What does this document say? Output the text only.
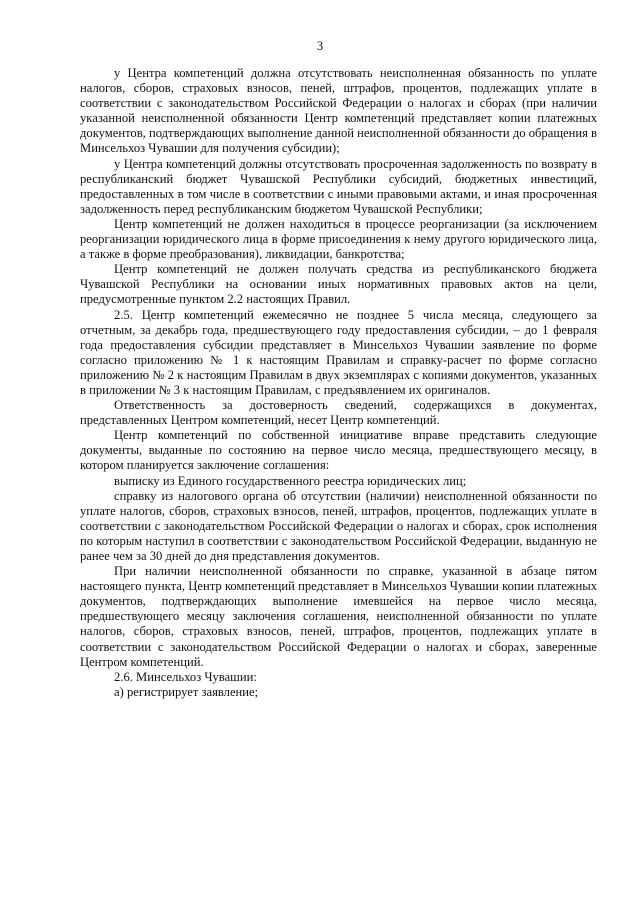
3

у Центра компетенций должна отсутствовать неисполненная обязанность по уплате налогов, сборов, страховых взносов, пеней, штрафов, процентов, подлежащих уплате в соответствии с законодательством Российской Федерации о налогах и сборах (при наличии указанной неисполненной обязанности Центр компетенций представляет копии платежных документов, подтверждающих выполнение данной неисполненной обязанности до обращения в Минсельхоз Чувашии для получения субсидии);

у Центра компетенций должны отсутствовать просроченная задолженность по возврату в республиканский бюджет Чувашской Республики субсидий, бюджетных инвестиций, предоставленных в том числе в соответствии с иными правовыми актами, и иная просроченная задолженность перед республиканским бюджетом Чувашской Республики;

Центр компетенций не должен находиться в процессе реорганизации (за исключением реорганизации юридического лица в форме присоединения к нему другого юридического лица, а также в форме преобразования), ликвидации, банкротства;

Центр компетенций не должен получать средства из республиканского бюджета Чувашской Республики на основании иных нормативных правовых актов на цели, предусмотренные пунктом 2.2 настоящих Правил.

2.5. Центр компетенций ежемесячно не позднее 5 числа месяца, следующего за отчетным, за декабрь года, предшествующего году предоставления субсидии, – до 1 февраля года предоставления субсидии представляет в Минсельхоз Чувашии заявление по форме согласно приложению № 1 к настоящим Правилам и справку-расчет по форме согласно приложению № 2 к настоящим Правилам в двух экземплярах с копиями документов, указанных в приложении № 3 к настоящим Правилам, с предъявлением их оригиналов.

Ответственность за достоверность сведений, содержащихся в документах, представленных Центром компетенций, несет Центр компетенций.

Центр компетенций по собственной инициативе вправе представить следующие документы, выданные по состоянию на первое число месяца, предшествующего месяцу, в котором планируется заключение соглашения:

выписку из Единого государственного реестра юридических лиц;

справку из налогового органа об отсутствии (наличии) неисполненной обязанности по уплате налогов, сборов, страховых взносов, пеней, штрафов, процентов, подлежащих уплате в соответствии с законодательством Российской Федерации о налогах и сборах, срок исполнения по которым наступил в соответствии с законодательством Российской Федерации, выданную не ранее чем за 30 дней до дня представления документов.

При наличии неисполненной обязанности по справке, указанной в абзаце пятом настоящего пункта, Центр компетенций представляет в Минсельхоз Чувашии копии платежных документов, подтверждающих выполнение имевшейся на первое число месяца, предшествующего месяцу заключения соглашения, неисполненной обязанности по уплате налогов, сборов, страховых взносов, пеней, штрафов, процентов, подлежащих уплате в соответствии с законодательством Российской Федерации о налогах и сборах, заверенные Центром компетенций.

2.6. Минсельхоз Чувашии:

а) регистрирует заявление;
